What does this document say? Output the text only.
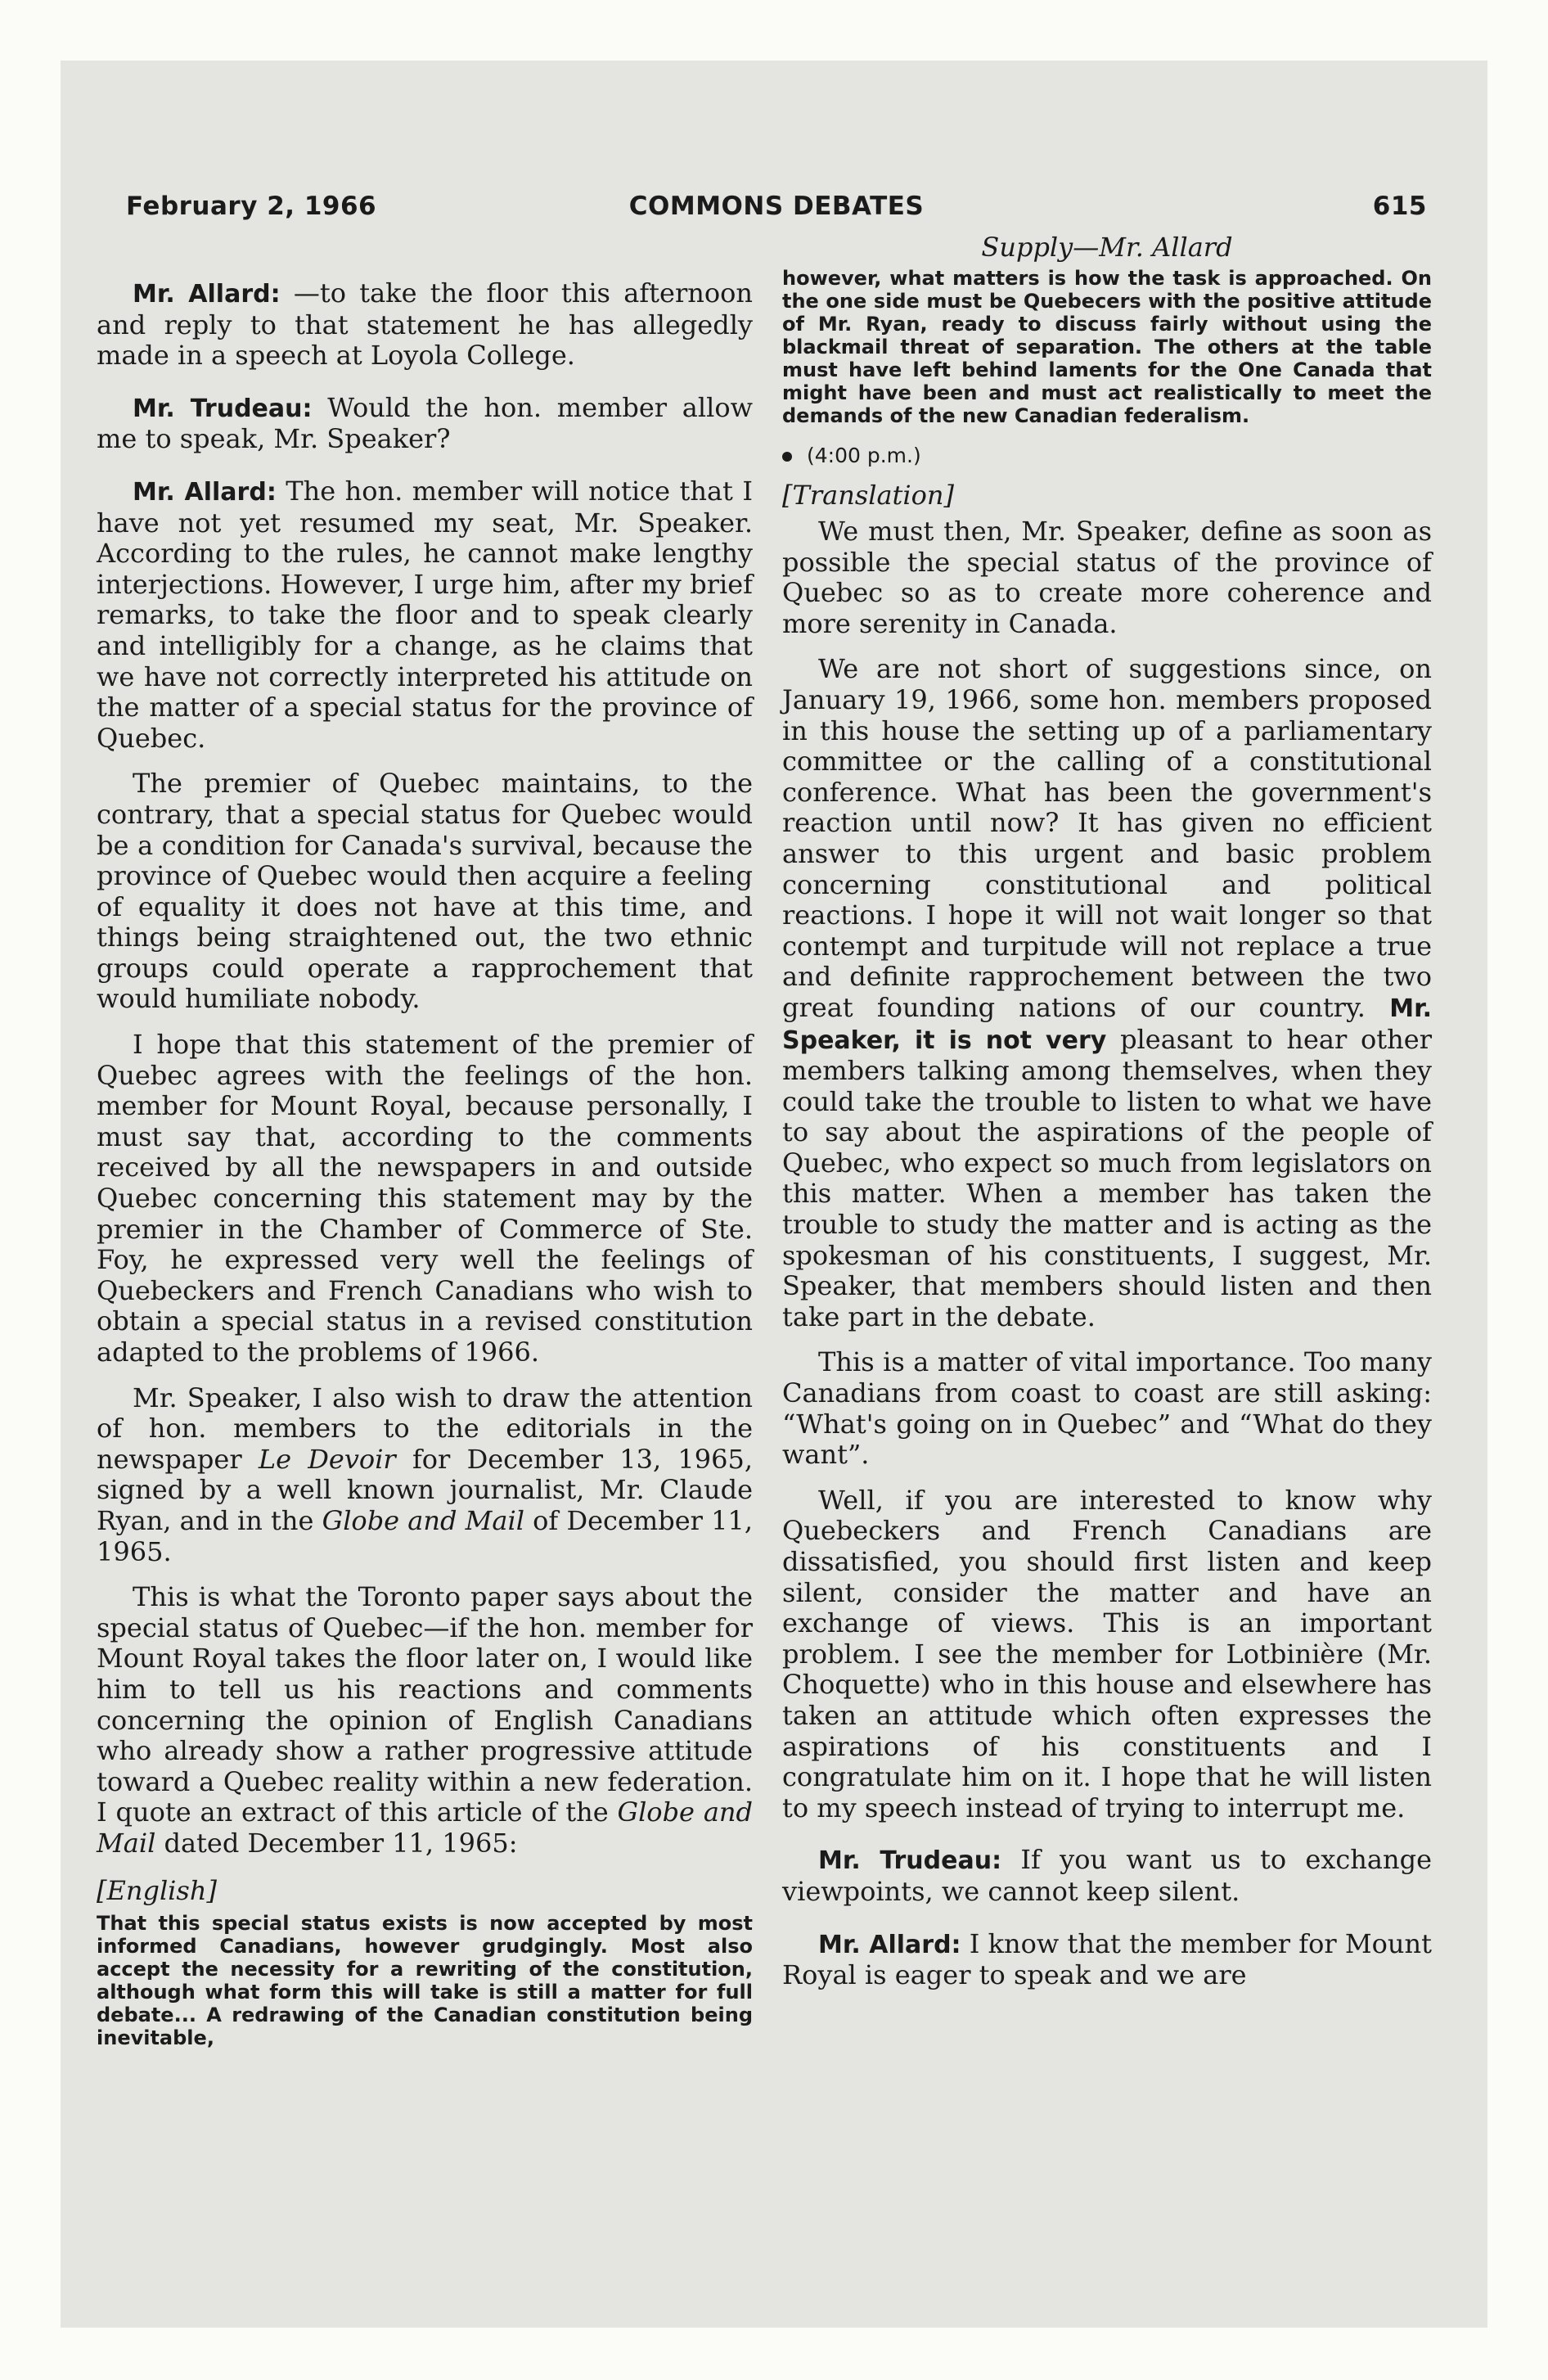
February 2, 1966	COMMONS DEBATES	615

Mr. Allard: —to take the floor this afternoon and reply to that statement he has allegedly made in a speech at Loyola College.

Mr. Trudeau: Would the hon. member allow me to speak, Mr. Speaker?

Mr. Allard: The hon. member will notice that I have not yet resumed my seat, Mr. Speaker. According to the rules, he cannot make lengthy interjections. However, I urge him, after my brief remarks, to take the floor and to speak clearly and intelligibly for a change, as he claims that we have not correctly interpreted his attitude on the matter of a special status for the province of Quebec.

The premier of Quebec maintains, to the contrary, that a special status for Quebec would be a condition for Canada's survival, because the province of Quebec would then acquire a feeling of equality it does not have at this time, and things being straightened out, the two ethnic groups could operate a rapprochement that would humiliate nobody.

I hope that this statement of the premier of Quebec agrees with the feelings of the hon. member for Mount Royal, because personally, I must say that, according to the comments received by all the newspapers in and outside Quebec concerning this statement may by the premier in the Chamber of Commerce of Ste. Foy, he expressed very well the feelings of Quebeckers and French Canadians who wish to obtain a special status in a revised constitution adapted to the problems of 1966.

Mr. Speaker, I also wish to draw the attention of hon. members to the editorials in the newspaper Le Devoir for December 13, 1965, signed by a well known journalist, Mr. Claude Ryan, and in the Globe and Mail of December 11, 1965.

This is what the Toronto paper says about the special status of Quebec—if the hon. member for Mount Royal takes the floor later on, I would like him to tell us his reactions and comments concerning the opinion of English Canadians who already show a rather progressive attitude toward a Quebec reality within a new federation. I quote an extract of this article of the Globe and Mail dated December 11, 1965:

[English]

That this special status exists is now accepted by most informed Canadians, however grudgingly. Most also accept the necessity for a rewriting of the constitution, although what form this will take is still a matter for full debate... A redrawing of the Canadian constitution being inevitable,

Supply—Mr. Allard

however, what matters is how the task is approached. On the one side must be Quebecers with the positive attitude of Mr. Ryan, ready to discuss fairly without using the blackmail threat of separation. The others at the table must have left behind laments for the One Canada that might have been and must act realistically to meet the demands of the new Canadian federalism.

(4:00 p.m.)
[Translation]

We must then, Mr. Speaker, define as soon as possible the special status of the province of Quebec so as to create more coherence and more serenity in Canada.

We are not short of suggestions since, on January 19, 1966, some hon. members proposed in this house the setting up of a parliamentary committee or the calling of a constitutional conference. What has been the government's reaction until now? It has given no efficient answer to this urgent and basic problem concerning constitutional and political reactions. I hope it will not wait longer so that contempt and turpitude will not replace a true and definite rapprochement between the two great founding nations of our country. Mr. Speaker, it is not very pleasant to hear other members talking among themselves, when they could take the trouble to listen to what we have to say about the aspirations of the people of Quebec, who expect so much from legislators on this matter. When a member has taken the trouble to study the matter and is acting as the spokesman of his constituents, I suggest, Mr. Speaker, that members should listen and then take part in the debate.

This is a matter of vital importance. Too many Canadians from coast to coast are still asking: “What's going on in Quebec” and “What do they want”.

Well, if you are interested to know why Quebeckers and French Canadians are dissatisfied, you should first listen and keep silent, consider the matter and have an exchange of views. This is an important problem. I see the member for Lotbinière (Mr. Choquette) who in this house and elsewhere has taken an attitude which often expresses the aspirations of his constituents and I congratulate him on it. I hope that he will listen to my speech instead of trying to interrupt me.

Mr. Trudeau: If you want us to exchange viewpoints, we cannot keep silent.

Mr. Allard: I know that the member for Mount Royal is eager to speak and we are
